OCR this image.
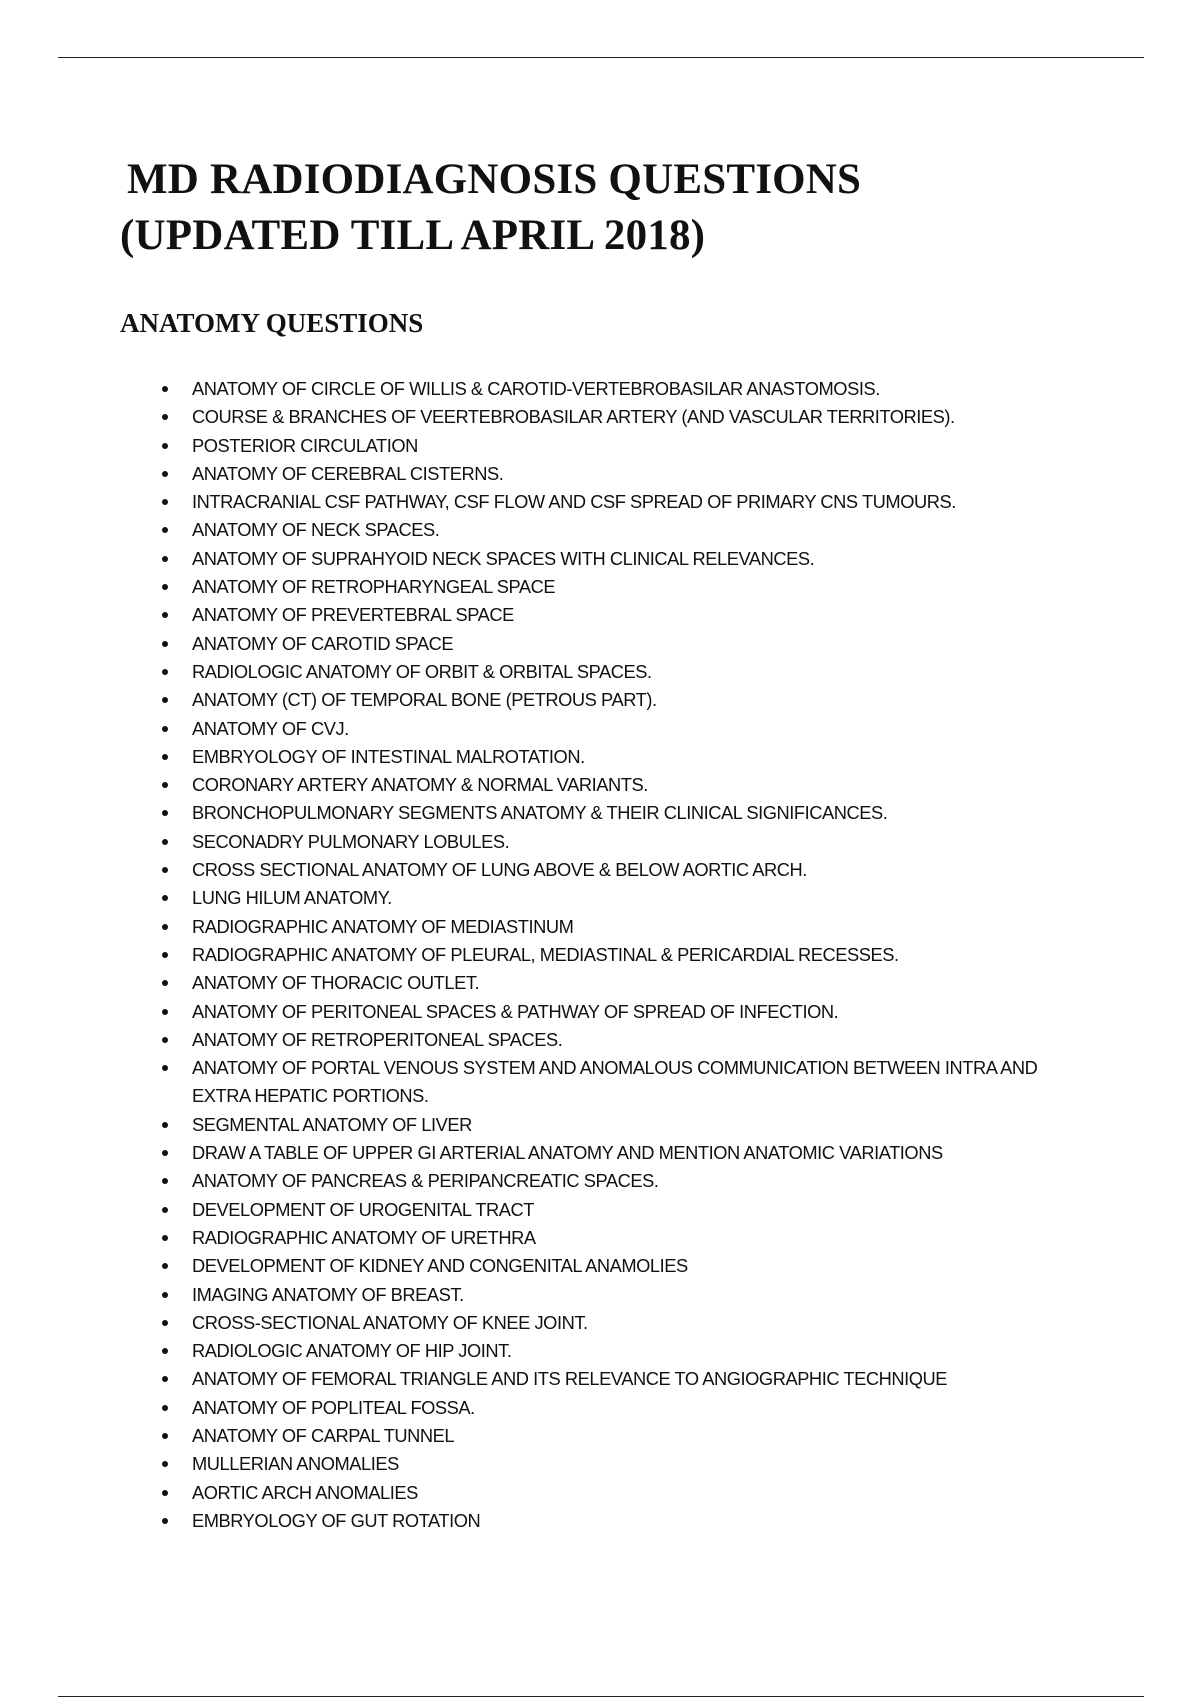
MD RADIODIAGNOSIS QUESTIONS
(UPDATED TILL APRIL 2018)
ANATOMY QUESTIONS
ANATOMY OF CIRCLE OF WILLIS & CAROTID-VERTEBROBASILAR ANASTOMOSIS.
COURSE & BRANCHES OF VEERTEBROBASILAR ARTERY (AND VASCULAR TERRITORIES).
POSTERIOR CIRCULATION
ANATOMY OF CEREBRAL CISTERNS.
INTRACRANIAL CSF PATHWAY, CSF FLOW AND CSF SPREAD OF PRIMARY CNS TUMOURS.
ANATOMY OF NECK SPACES.
ANATOMY OF SUPRAHYOID NECK SPACES WITH CLINICAL RELEVANCES.
ANATOMY OF RETROPHARYNGEAL SPACE
ANATOMY OF PREVERTEBRAL SPACE
ANATOMY OF CAROTID SPACE
RADIOLOGIC ANATOMY OF ORBIT & ORBITAL SPACES.
ANATOMY (CT) OF TEMPORAL BONE (PETROUS PART).
ANATOMY OF CVJ.
EMBRYOLOGY OF INTESTINAL MALROTATION.
CORONARY ARTERY ANATOMY & NORMAL VARIANTS.
BRONCHOPULMONARY SEGMENTS ANATOMY & THEIR CLINICAL SIGNIFICANCES.
SECONADRY PULMONARY LOBULES.
CROSS SECTIONAL ANATOMY OF LUNG ABOVE & BELOW AORTIC ARCH.
LUNG HILUM ANATOMY.
RADIOGRAPHIC ANATOMY OF MEDIASTINUM
RADIOGRAPHIC ANATOMY OF PLEURAL, MEDIASTINAL & PERICARDIAL RECESSES.
ANATOMY OF THORACIC OUTLET.
ANATOMY OF PERITONEAL SPACES & PATHWAY OF SPREAD OF INFECTION.
ANATOMY OF RETROPERITONEAL SPACES.
ANATOMY OF PORTAL VENOUS SYSTEM AND ANOMALOUS COMMUNICATION BETWEEN INTRA AND EXTRA HEPATIC PORTIONS.
SEGMENTAL ANATOMY OF LIVER
DRAW A TABLE OF UPPER GI ARTERIAL ANATOMY AND MENTION ANATOMIC VARIATIONS
ANATOMY OF PANCREAS & PERIPANCREATIC SPACES.
DEVELOPMENT OF UROGENITAL TRACT
RADIOGRAPHIC ANATOMY OF URETHRA
DEVELOPMENT OF KIDNEY AND CONGENITAL ANAMOLIES
IMAGING ANATOMY OF BREAST.
CROSS-SECTIONAL ANATOMY OF KNEE JOINT.
RADIOLOGIC ANATOMY OF HIP JOINT.
ANATOMY OF FEMORAL TRIANGLE AND ITS RELEVANCE TO ANGIOGRAPHIC TECHNIQUE
ANATOMY OF POPLITEAL FOSSA.
ANATOMY OF CARPAL TUNNEL
MULLERIAN ANOMALIES
AORTIC ARCH ANOMALIES
EMBRYOLOGY OF GUT ROTATION
